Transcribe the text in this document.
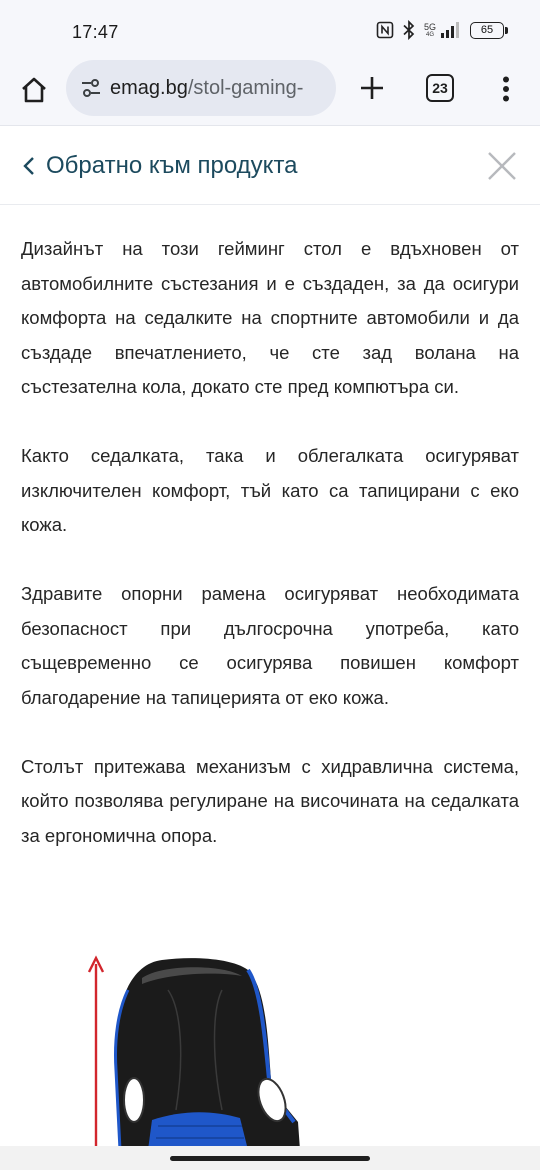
17:47	5G
4G	65
emag.bg/stol-gaming-	23
Обратно към продукта

Дизайнът на този гейминг стол е вдъхновен от автомобилните състезания и е създаден, за да осигури комфорта на седалките на спортните автомобили и да създаде впечатлението, че сте зад волана на състезателна кола, докато сте пред компютъра си.

Както седалката, така и облегалката осигуряват изключителен комфорт, тъй като са тапицирани с еко кожа.

Здравите опорни рамена осигуряват необходимата безопасност при дългосрочна употреба, като същевременно се осигурява повишен комфорт благодарение на тапицерията от еко кожа.

Столът притежава механизъм с хидравлична система, който позволява регулиране на височината на седалката за ергономична опора.
